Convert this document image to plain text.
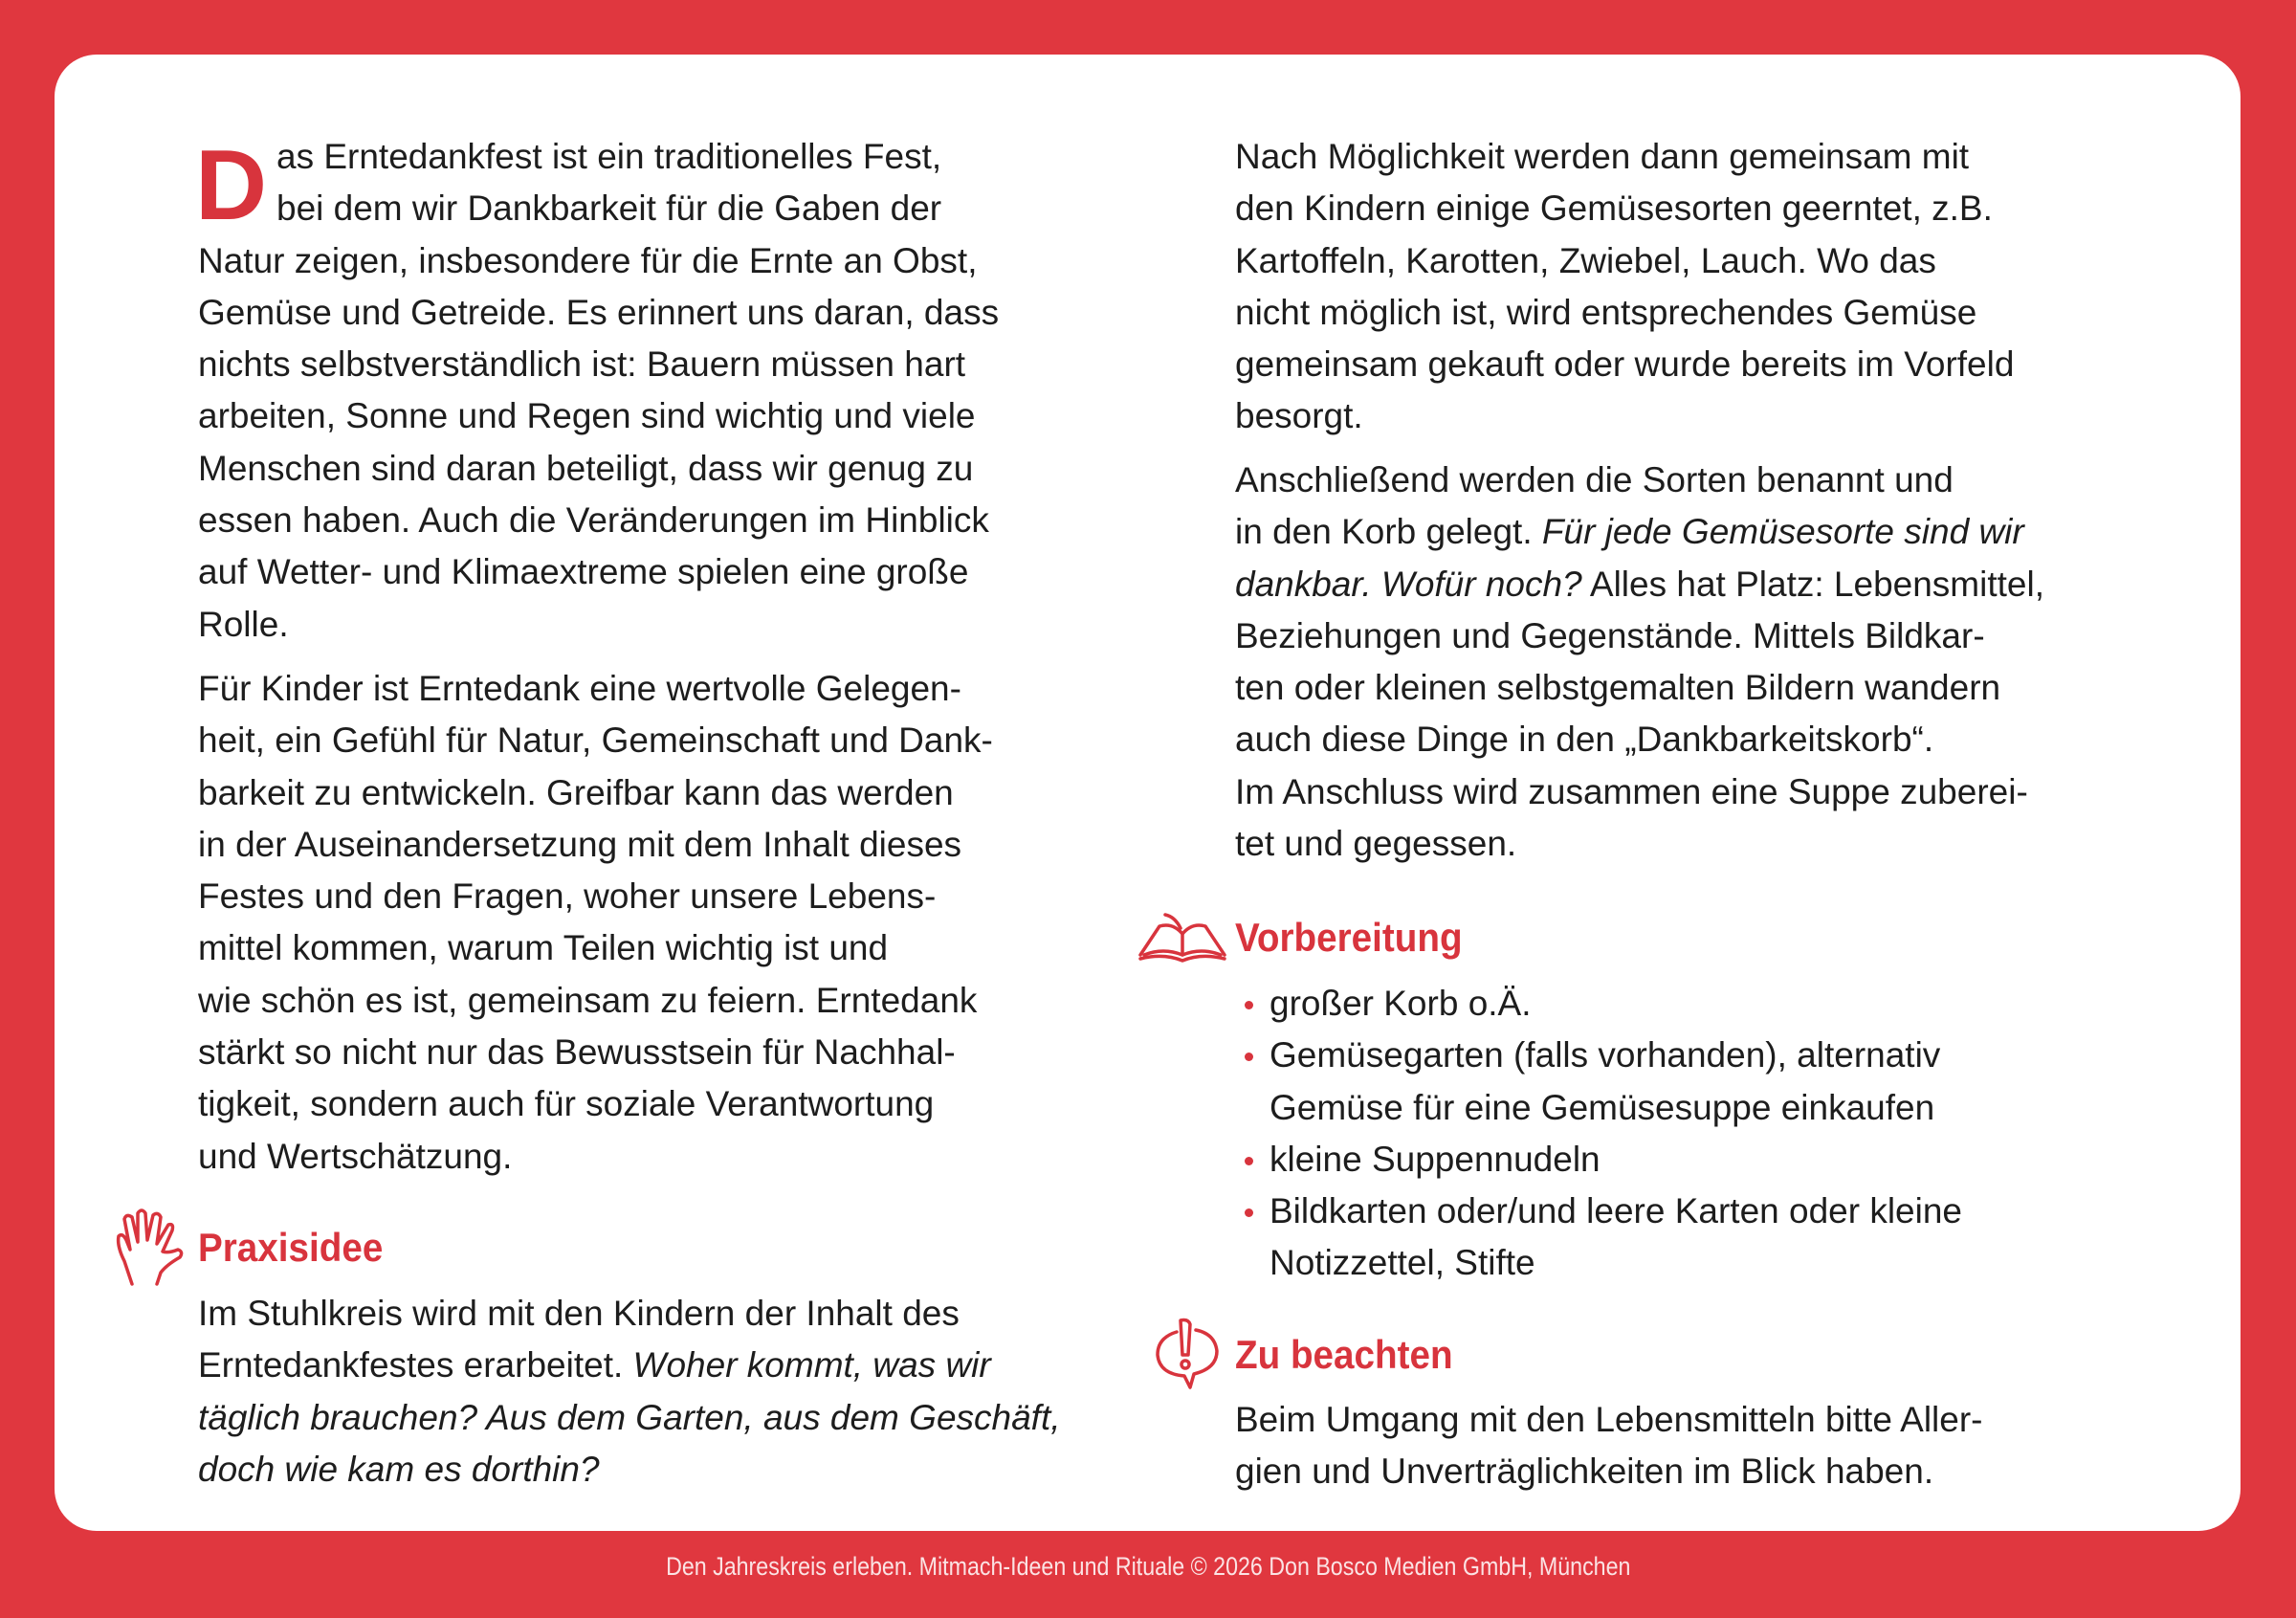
D as Erntedankfest ist ein traditionelles Fest,
bei dem wir Dankbarkeit für die Gaben der
Natur zeigen, insbesondere für die Ernte an Obst,
Gemüse und Getreide. Es erinnert uns daran, dass
nichts selbstverständlich ist: Bauern müssen hart
arbeiten, Sonne und Regen sind wichtig und viele
Menschen sind daran beteiligt, dass wir genug zu
essen haben. Auch die Veränderungen im Hinblick
auf Wetter- und Klimaextreme spielen eine große
Rolle.
Für Kinder ist Erntedank eine wertvolle Gelegen-
heit, ein Gefühl für Natur, Gemeinschaft und Dank-
barkeit zu entwickeln. Greifbar kann das werden
in der Auseinandersetzung mit dem Inhalt dieses
Festes und den Fragen, woher unsere Lebens-
mittel kommen, warum Teilen wichtig ist und
wie schön es ist, gemeinsam zu feiern. Erntedank
stärkt so nicht nur das Bewusstsein für Nachhal-
tigkeit, sondern auch für soziale Verantwortung
und Wertschätzung.
Praxisidee
Im Stuhlkreis wird mit den Kindern der Inhalt des
Erntedankfestes erarbeitet. Woher kommt, was wir
täglich brauchen? Aus dem Garten, aus dem Geschäft,
doch wie kam es dorthin?
Nach Möglichkeit werden dann gemeinsam mit
den Kindern einige Gemüsesorten geerntet, z.B.
Kartoffeln, Karotten, Zwiebel, Lauch. Wo das
nicht möglich ist, wird entsprechendes Gemüse
gemeinsam gekauft oder wurde bereits im Vorfeld
besorgt.
Anschließend werden die Sorten benannt und
in den Korb gelegt. Für jede Gemüsesorte sind wir
dankbar. Wofür noch? Alles hat Platz: Lebensmittel,
Beziehungen und Gegenstände. Mittels Bildkar-
ten oder kleinen selbstgemalten Bildern wandern
auch diese Dinge in den „Dankbarkeitskorb“.
Im Anschluss wird zusammen eine Suppe zuberei-
tet und gegessen.
Vorbereitung
großer Korb o.Ä.
Gemüsegarten (falls vorhanden), alternativ
Gemüse für eine Gemüsesuppe einkaufen
kleine Suppennudeln
Bildkarten oder/und leere Karten oder kleine
Notizzettel, Stifte
Zu beachten
Beim Umgang mit den Lebensmitteln bitte Aller-
gien und Unverträglichkeiten im Blick haben.
Den Jahreskreis erleben. Mitmach-Ideen und Rituale © 2026 Don Bosco Medien GmbH, München
